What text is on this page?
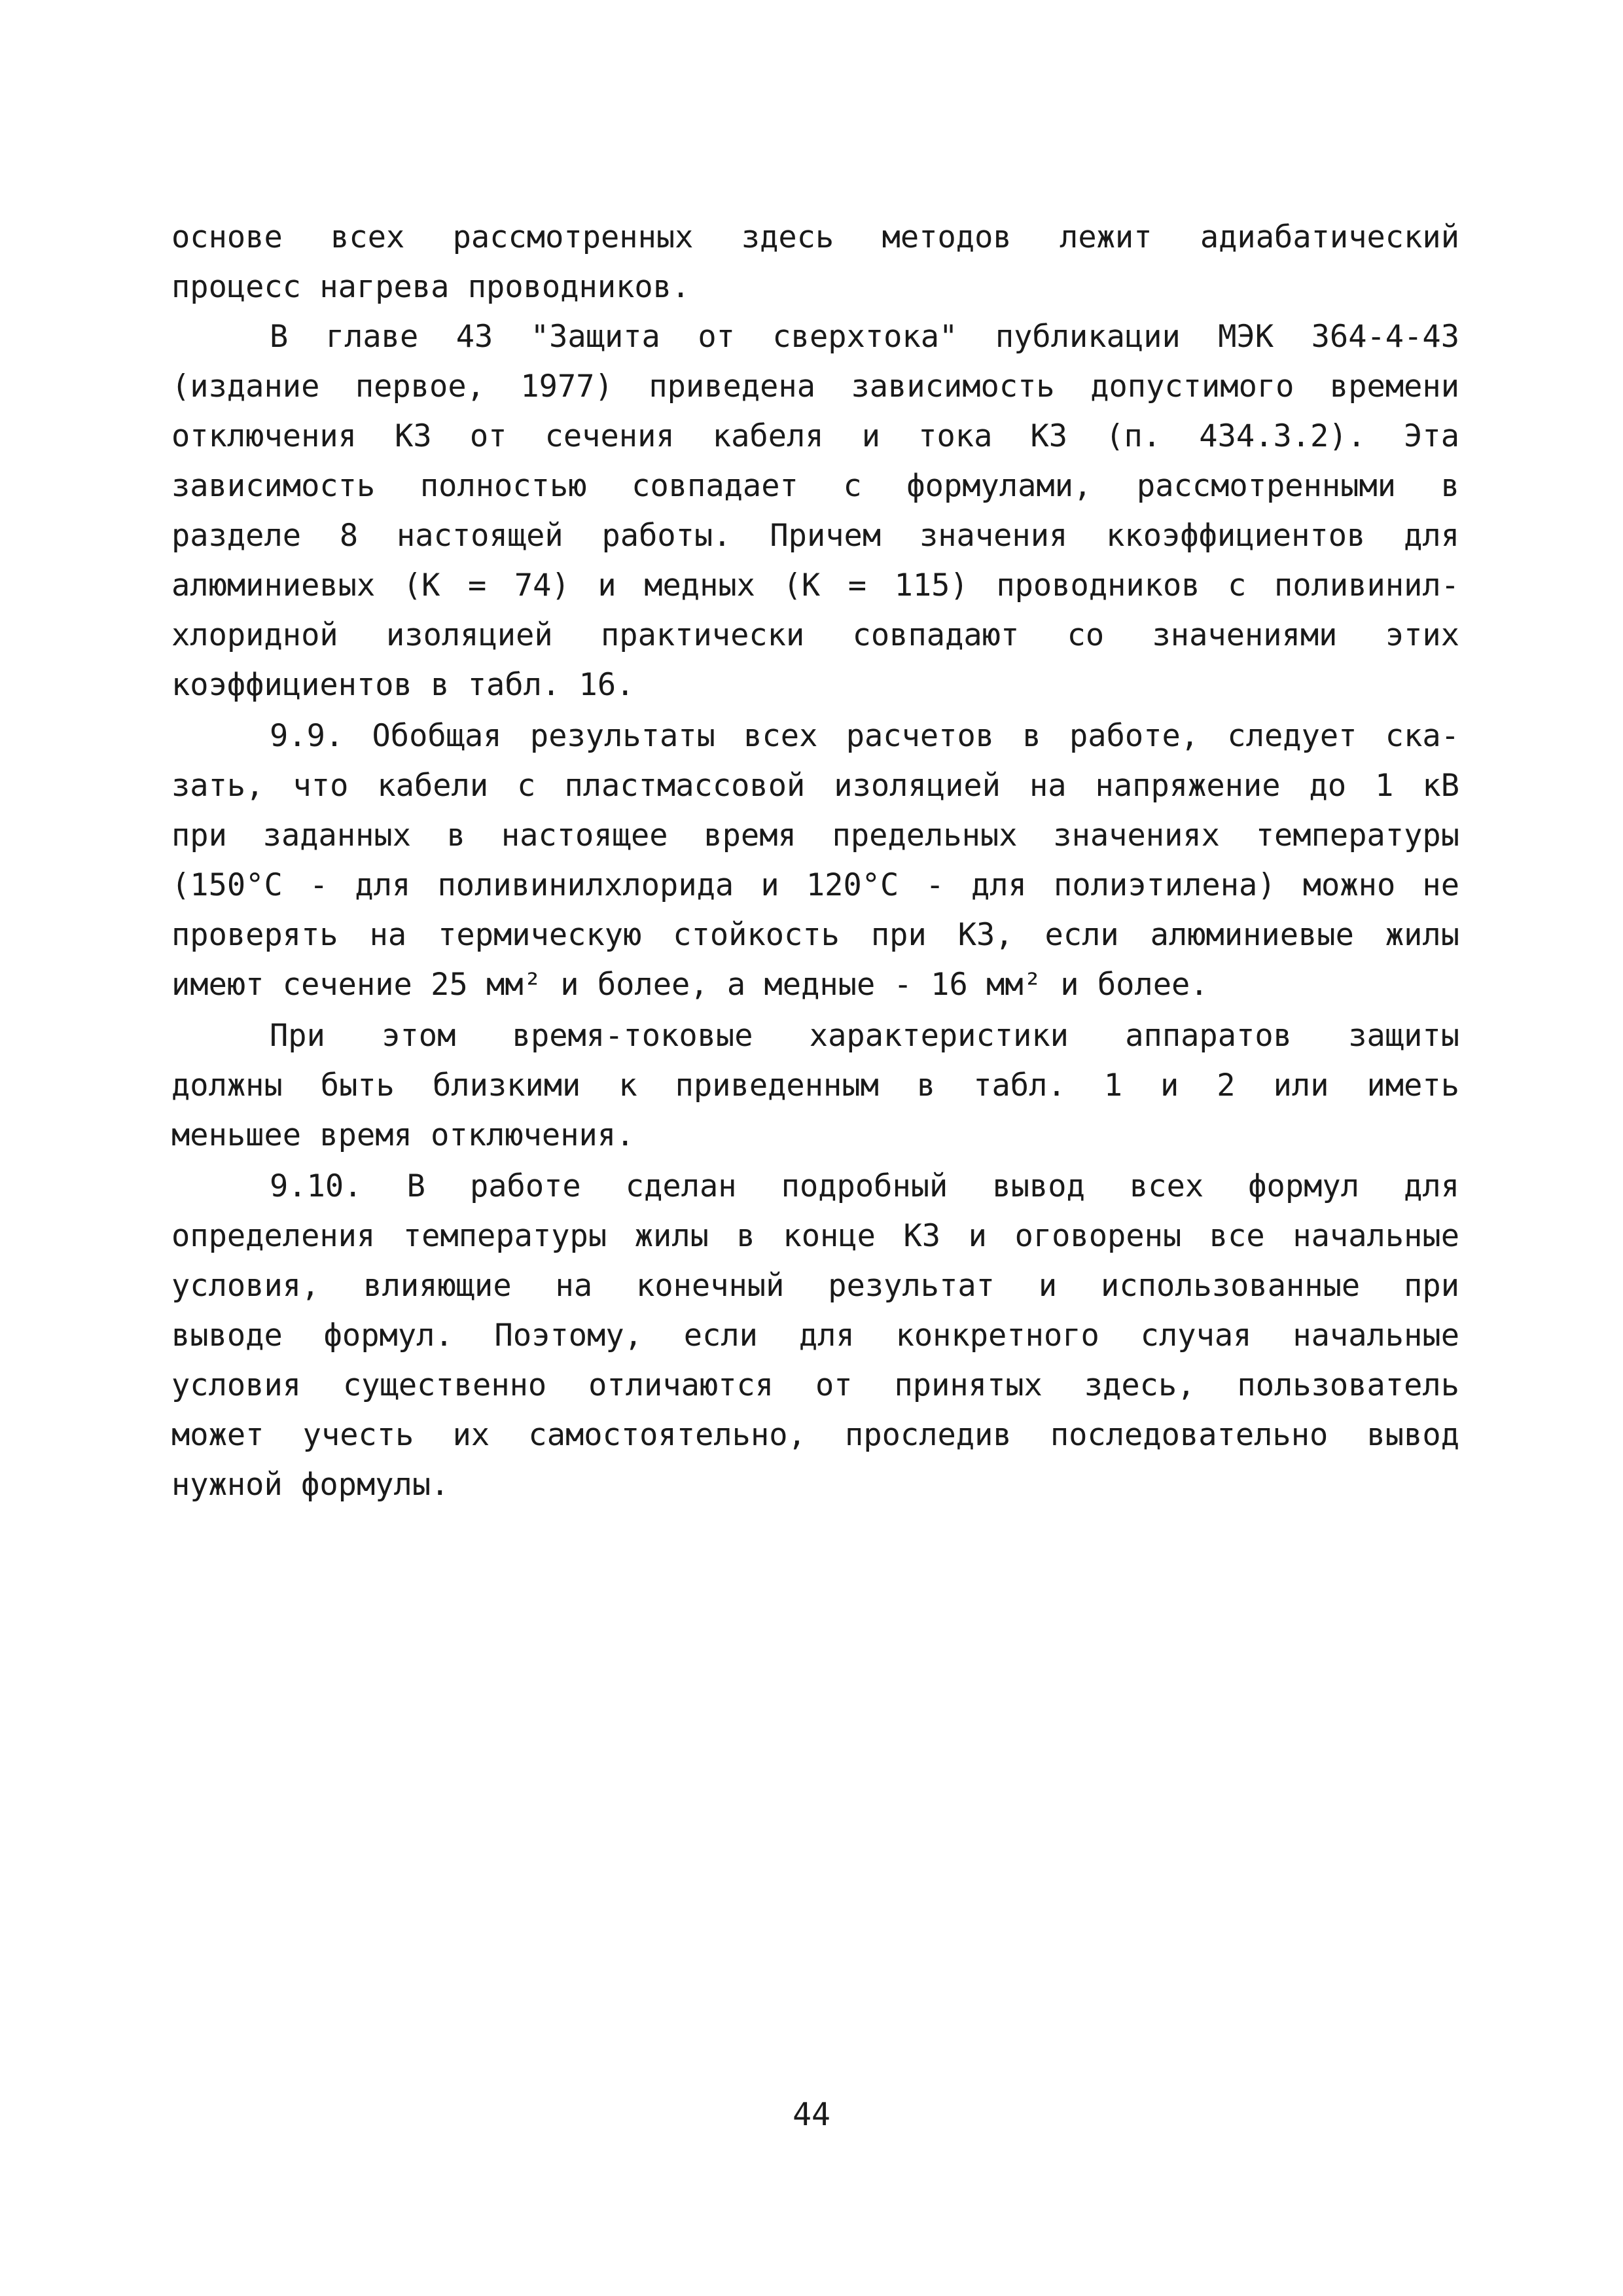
основе всех рассмотренных здесь методов лежит адиабатический
процесс нагрева проводников.
В главе 43 "Защита от сверхтока" публикации МЭК 364-4-43
(издание первое, 1977) приведена зависимость допустимого времени
отключения КЗ от сечения кабеля и тока КЗ (п. 434.3.2). Эта
зависимость полностью совпадает с формулами, рассмотренными в
разделе 8 настоящей работы. Причем значения ккоэффициентов для
алюминиевых (К = 74) и медных (К = 115) проводников с поливинил-
хлоридной изоляцией практически совпадают со значениями этих
коэффициентов в табл. 16.
9.9. Обобщая результаты всех расчетов в работе, следует ска-
зать, что кабели с пластмассовой изоляцией на напряжение до 1 кВ
при заданных в настоящее время предельных значениях температуры
(150°С - для поливинилхлорида и 120°С - для полиэтилена) можно не
проверять на термическую стойкость при КЗ, если алюминиевые жилы
имеют сечение 25 мм² и более, а медные - 16 мм² и более.
При этом время-токовые характеристики аппаратов защиты
должны быть близкими к приведенным в табл. 1 и 2 или иметь
меньшее время отключения.
9.10. В работе сделан подробный вывод всех формул для
определения температуры жилы в конце КЗ и оговорены все начальные
условия, влияющие на конечный результат и использованные при
выводе формул. Поэтому, если для конкретного случая начальные
условия существенно отличаются от принятых здесь, пользователь
может учесть их самостоятельно, проследив последовательно вывод
нужной формулы.
44
